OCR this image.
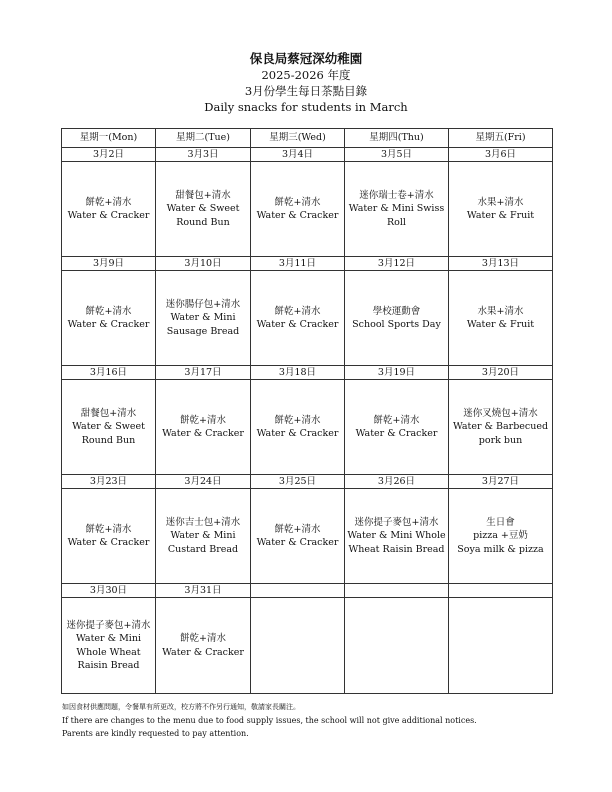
保良局蔡冠深幼稚園
2025-2026 年度
3月份學生每日茶點目錄
Daily snacks for students in March
星期一(Mon)	星期二(Tue)	星期三(Wed)	星期四(Thu)	星期五(Fri)
3月2日	3月3日	3月4日	3月5日	3月6日

餅乾+清水
Water & Cracker	甜餐包+清水
Water & Sweet Round Bun	餅乾+清水
Water & Cracker	迷你瑞士卷+清水
Water & Mini Swiss Roll	水果+清水
Water & Fruit

3月9日	3月10日	3月11日	3月12日	3月13日

餅乾+清水
Water & Cracker	迷你腸仔包+清水
Water & Mini Sausage Bread	餅乾+清水
Water & Cracker	學校運動會
School Sports Day	水果+清水
Water & Fruit

3月16日	3月17日	3月18日	3月19日	3月20日

甜餐包+清水
Water & Sweet Round Bun	餅乾+清水
Water & Cracker	餅乾+清水
Water & Cracker	餅乾+清水
Water & Cracker	迷你叉燒包+清水
Water & Barbecued pork bun

3月23日	3月24日	3月25日	3月26日	3月27日

餅乾+清水
Water & Cracker	迷你吉士包+清水
Water & Mini Custard Bread	餅乾+清水
Water & Cracker	迷你提子麥包+清水
Water & Mini Whole Wheat Raisin Bread	生日會
pizza +豆奶
Soya milk & pizza

3月30日	3月31日			

迷你提子麥包+清水
Water & Mini Whole Wheat Raisin Bread	餅乾+清水
Water & Cracker			

如因食材供應問題，令餐單有所更改，校方將不作另行通知，敬請家長關注。
If there are changes to the menu due to food supply issues, the school will not give additional notices.
Parents are kindly requested to pay attention.
